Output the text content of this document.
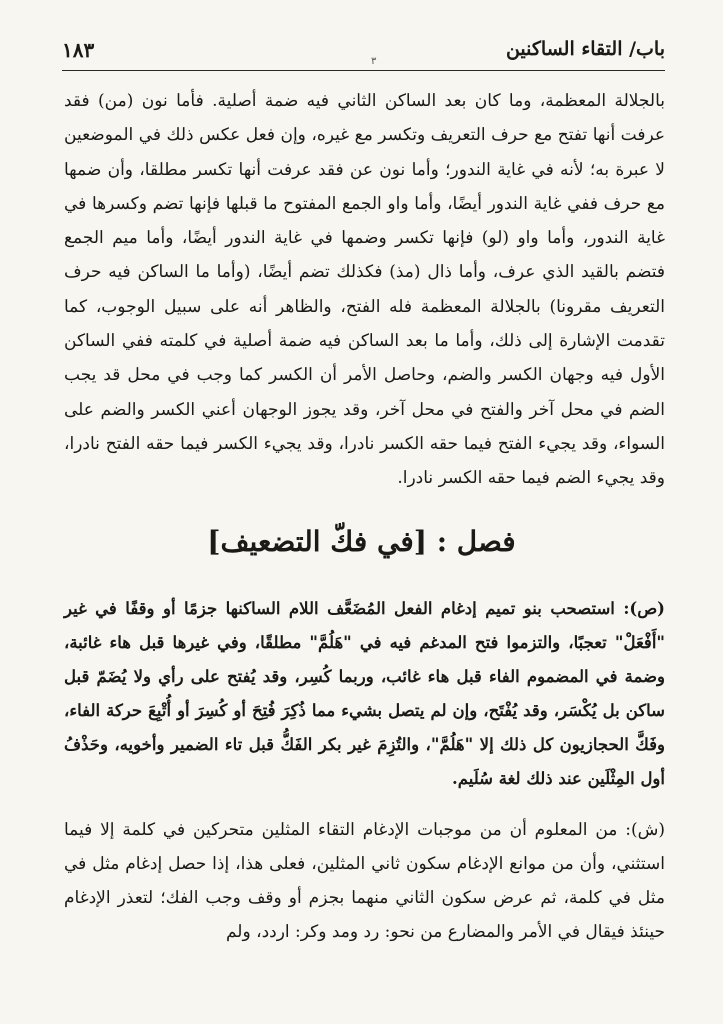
باب/ التقاء الساكنين
١٨٣	٣

بالجلالة المعظمة، وما كان بعد الساكن الثاني فيه ضمة أصلية. فأما نون (من) فقد عرفت أنها تفتح مع حرف التعريف وتكسر مع غيره، وإن فعل عكس ذلك في الموضعين لا عبرة به؛ لأنه في غاية الندور؛ وأما نون عن فقد عرفت أنها تكسر مطلقا، وأن ضمها مع حرف ففي غاية الندور أيضًا، وأما واو الجمع المفتوح ما قبلها فإنها تضم وكسرها في غاية الندور، وأما واو (لو) فإنها تكسر وضمها في غاية الندور أيضًا، وأما ميم الجمع فتضم بالقيد الذي عرف، وأما ذال (مذ) فكذلك تضم أيضًا، (وأما ما الساكن فيه حرف التعريف مقرونا) بالجلالة المعظمة فله الفتح، والظاهر أنه على سبيل الوجوب، كما تقدمت الإشارة إلى ذلك، وأما ما بعد الساكن فيه ضمة أصلية في كلمته ففي الساكن الأول فيه وجهان الكسر والضم، وحاصل الأمر أن الكسر كما وجب في محل قد يجب الضم في محل آخر والفتح في محل آخر، وقد يجوز الوجهان أعني الكسر والضم على السواء، وقد يجيء الفتح فيما حقه الكسر نادرا، وقد يجيء الكسر فيما حقه الفتح نادرا، وقد يجيء الضم فيما حقه الكسر نادرا.

فصل : [في فكّ التضعيف]

(ص): استصحب بنو تميم إدغام الفعل المُضَعَّف اللام الساكنها جزمًا أو وقفًا في غير "أَفْعَلْ" تعجبًا، والتزموا فتح المدغم فيه في "هَلُمَّ" مطلقًا، وفي غيرها قبل هاء غائبة، وضمة في المضموم الفاء قبل هاء غائب، وربما كُسِر، وقد يُفتح على رأي ولا يُضَمّ قبل ساكن بل يُكْسَر، وقد يُفْتَح، وإن لم يتصل بشيء مما ذُكِرَ فُتِحَ أو كُسِرَ أو أُتْبِعَ حركة الفاء، وفَكَّ الحجازيون كل ذلك إلا "هَلُمَّ"، والتُزِمَ غير بكر الفَكُّ قبل تاء الضمير وأخويه، وحَذْفُ أول المِثْلَين عند ذلك لغة سُلَيم.

(ش): من المعلوم أن من موجبات الإدغام التقاء المثلين متحركين في كلمة إلا فيما استثني، وأن من موانع الإدغام سكون ثاني المثلين، فعلى هذا، إذا حصل إدغام مثل في مثل في كلمة، ثم عرض سكون الثاني منهما بجزم أو وقف وجب الفك؛ لتعذر الإدغام حينئذ فيقال في الأمر والمضارع من نحو: رد ومد وكر: اردد، ولم
